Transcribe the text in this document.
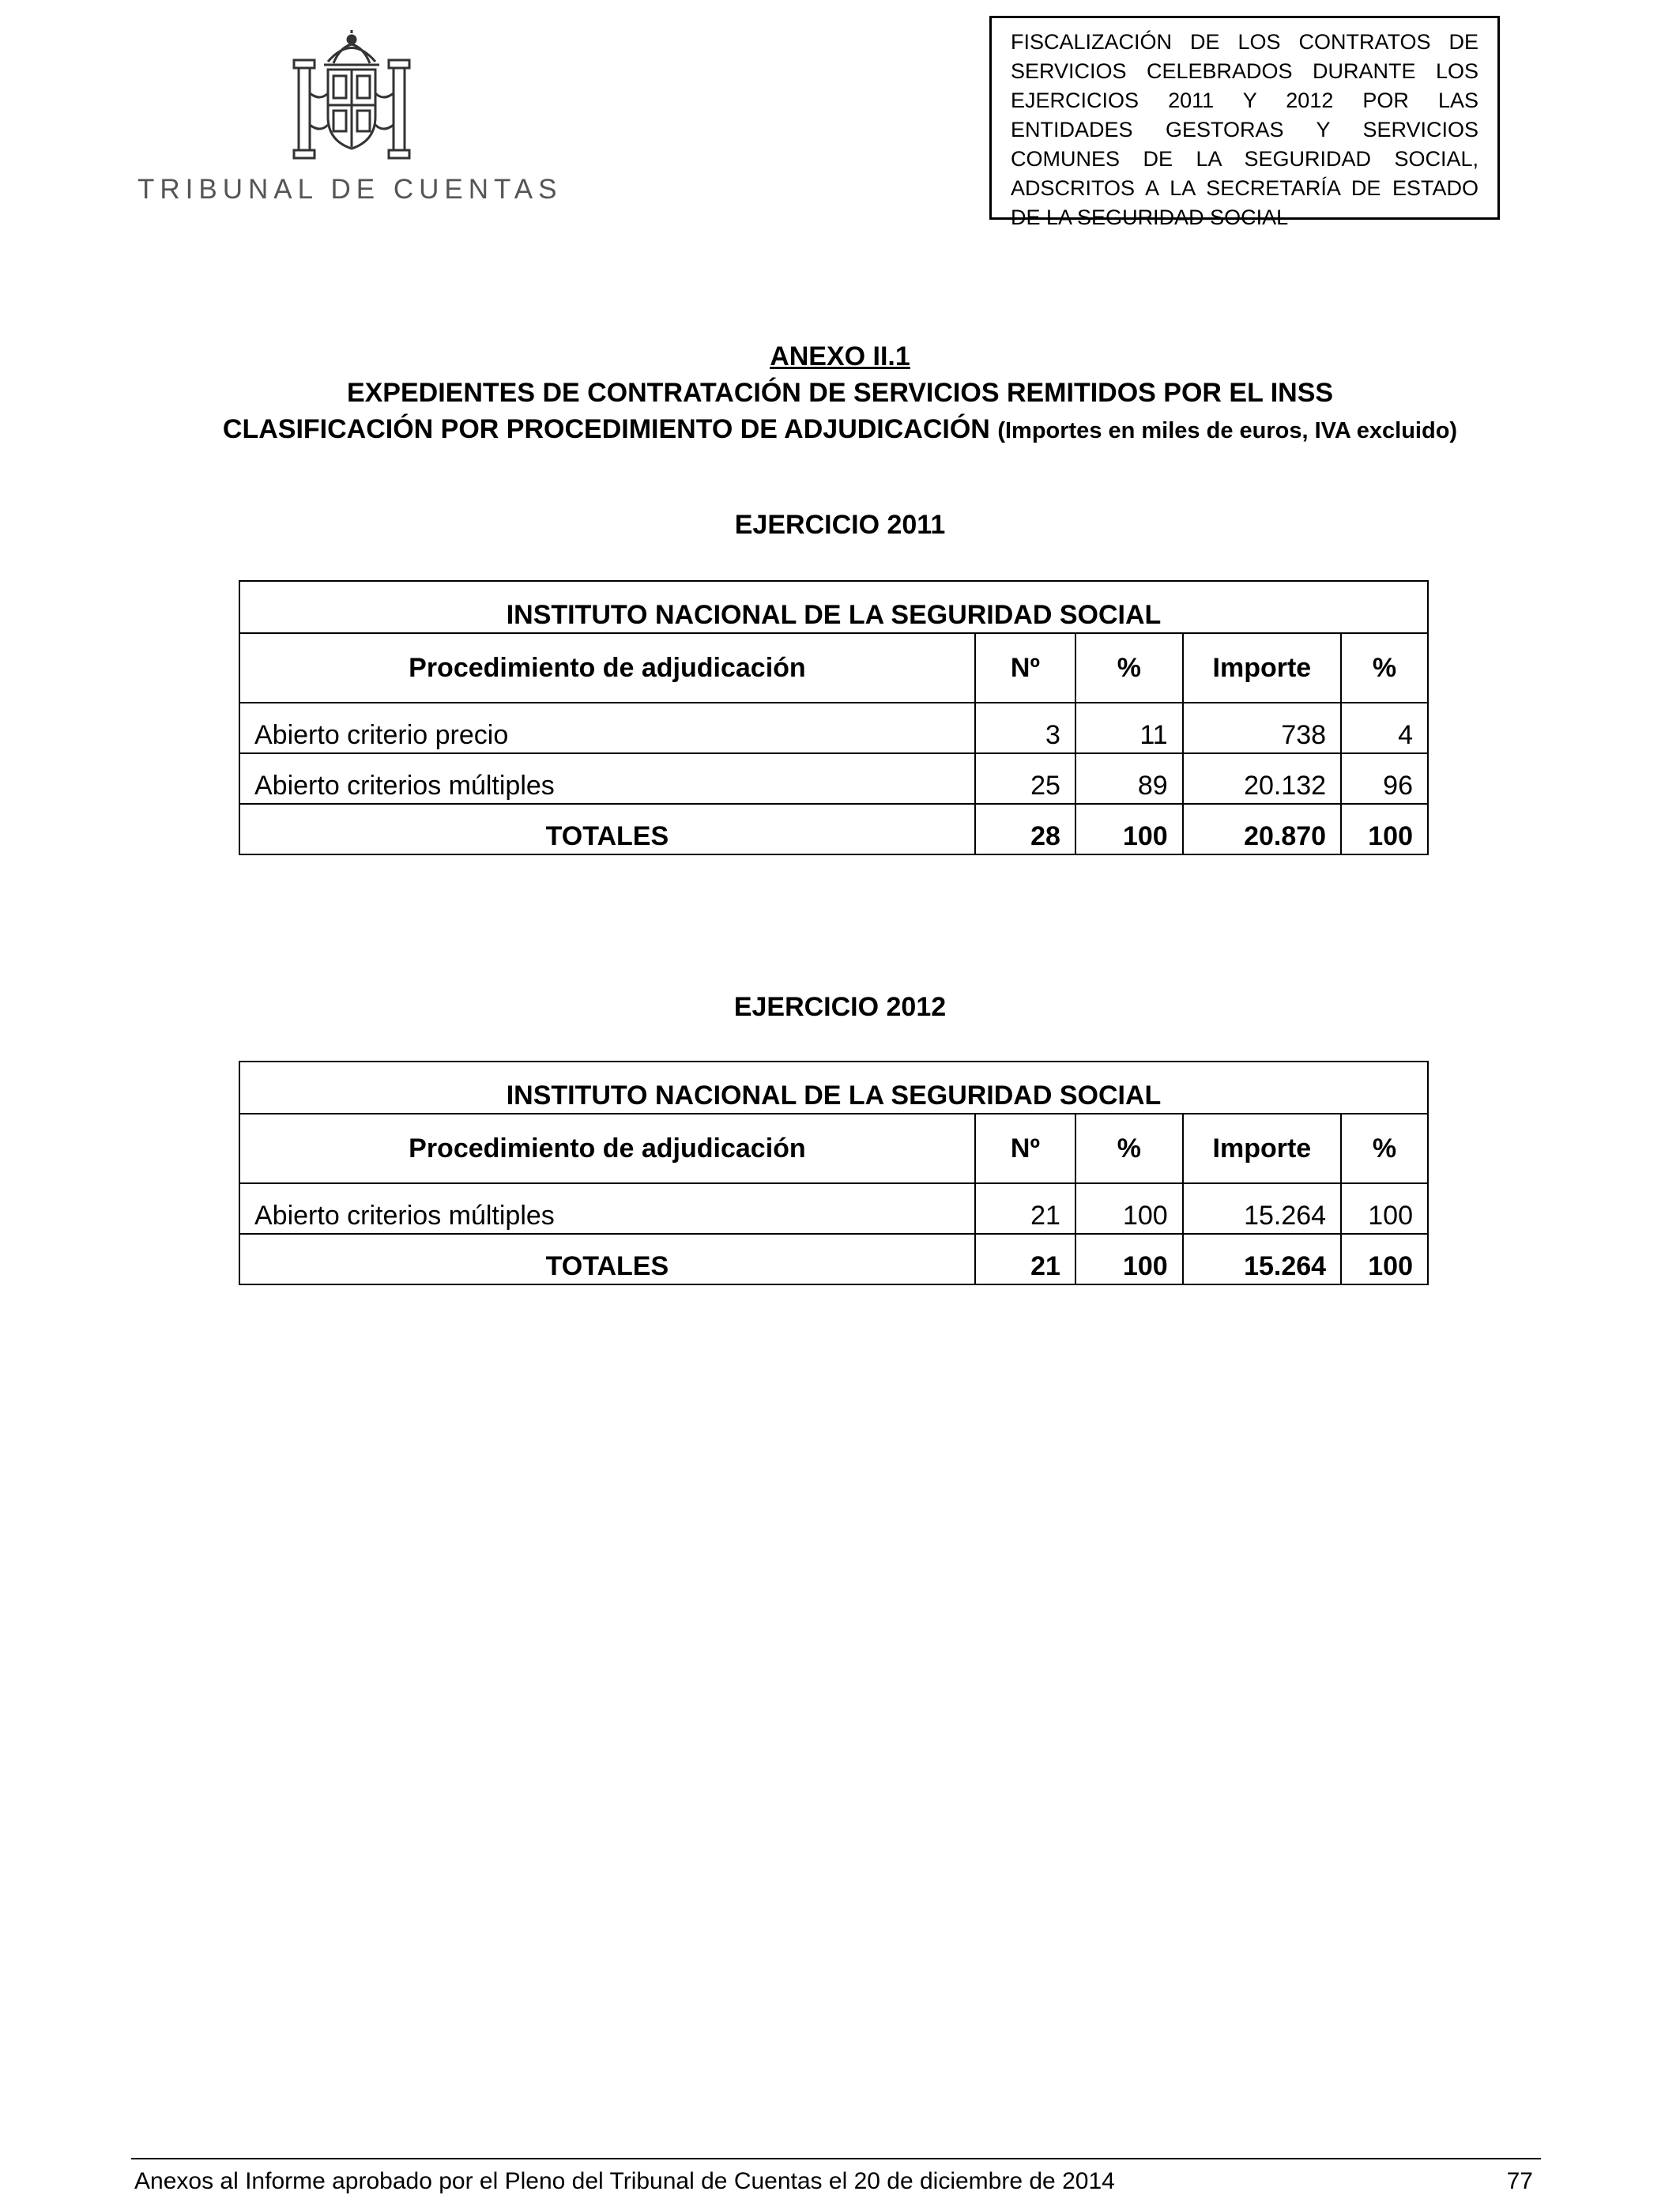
TRIBUNAL DE CUENTAS
FISCALIZACIÓN DE LOS CONTRATOS DE SERVICIOS CELEBRADOS DURANTE LOS EJERCICIOS 2011 Y 2012 POR LAS ENTIDADES GESTORAS Y SERVICIOS COMUNES DE LA SEGURIDAD SOCIAL, ADSCRITOS A LA SECRETARÍA DE ESTADO DE LA SEGURIDAD SOCIAL
ANEXO II.1
EXPEDIENTES DE CONTRATACIÓN DE SERVICIOS REMITIDOS POR EL INSS
CLASIFICACIÓN POR PROCEDIMIENTO DE ADJUDICACIÓN (Importes en miles de euros, IVA excluido)
EJERCICIO 2011
INSTITUTO NACIONAL DE LA SEGURIDAD SOCIAL				
Procedimiento de adjudicación	Nº	%	Importe	%
Abierto criterio precio	3	11	738	4
Abierto criterios múltiples	25	89	20.132	96
TOTALES	28	100	20.870	100
EJERCICIO 2012
INSTITUTO NACIONAL DE LA SEGURIDAD SOCIAL				
Procedimiento de adjudicación	Nº	%	Importe	%
Abierto criterios múltiples	21	100	15.264	100
TOTALES	21	100	15.264	100
Anexos al Informe aprobado por el Pleno del Tribunal de Cuentas el 20 de diciembre de 2014	77
